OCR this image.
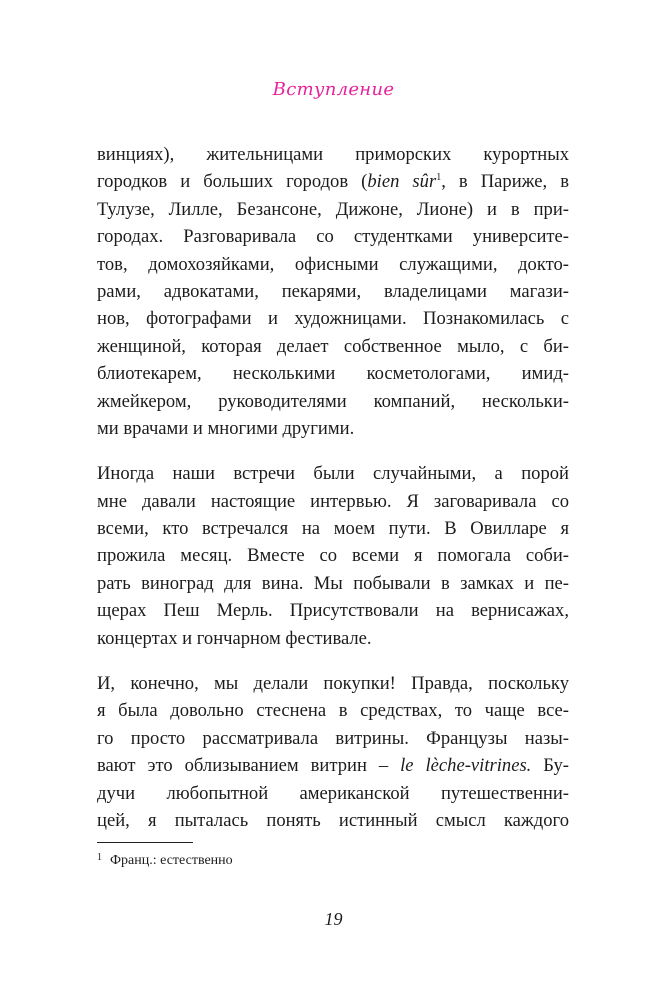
Вступление
винциях), жительницами приморских курортных
городков и больших городов (bien sûr$^1$, в Париже, в
Тулузе, Лилле, Безансоне, Дижоне, Лионе) и в при-
городах. Разговаривала со студентками университе-
тов, домохозяйками, офисными служащими, докто-
рами, адвокатами, пекарями, владелицами магази-
нов, фотографами и художницами. Познакомилась с
женщиной, которая делает собственное мыло, с би-
блиотекарем, несколькими косметологами, имид-
жмейкером, руководителями компаний, нескольки-
ми врачами и многими другими.
Иногда наши встречи были случайными, а порой
мне давали настоящие интервью. Я заговаривала со
всеми, кто встречался на моем пути. В Овилларе я
прожила месяц. Вместе со всеми я помогала соби-
рать виноград для вина. Мы побывали в замках и пе-
щерах Пеш Мерль. Присутствовали на вернисажах,
концертах и гончарном фестивале.
И, конечно, мы делали покупки! Правда, поскольку
я была довольно стеснена в средствах, то чаще все-
го просто рассматривала витрины. Французы назы-
вают это облизыванием витрин – le lèche-vitrines. Бу-
дучи любопытной американской путешественни-
цей, я пыталась понять истинный смысл каждого
$^1$ Франц.: естественно
19
